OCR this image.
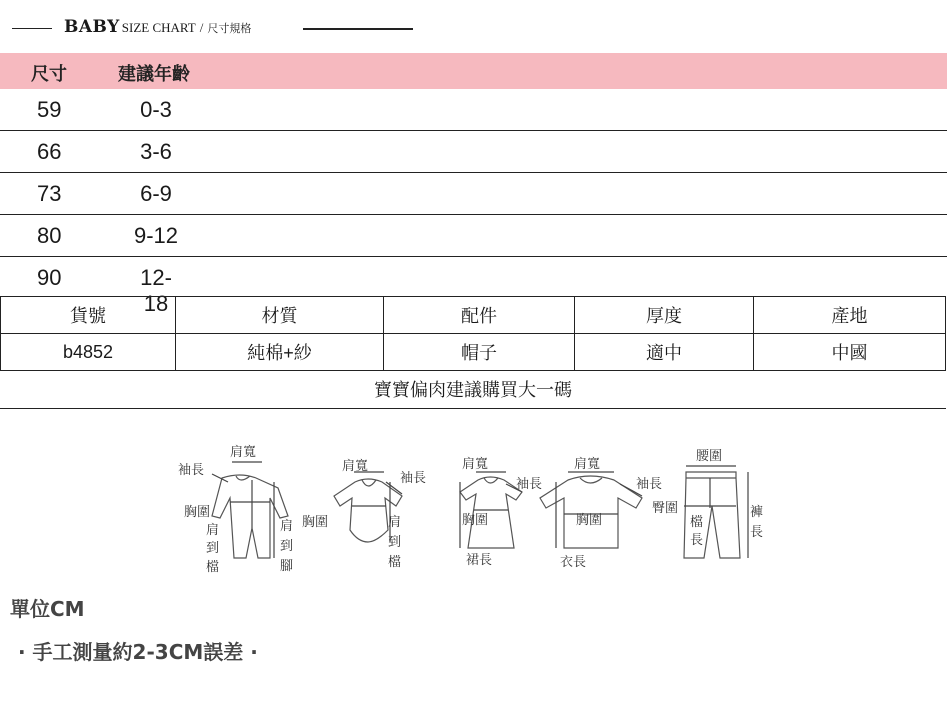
BABY SIZE CHART / 尺寸規格
尺寸	建議年齡
59	0-3
66	3-6
73	6-9
80	9-12
90	12-18
貨號	材質	配件	厚度	產地
b4852	純棉+紗	帽子	適中	中國
寶寶偏肉建議購買大一碼				
肩寬
袖長
胸圍
肩
到
檔
肩
到
腳
肩寬
袖長
胸圍	肩
到
檔
肩寬
袖長
胸圍
裙長
肩寬
袖長
胸圍
衣長
腰圍
臀圍
檔
長
褲
長
單位CM
· 手工測量約2-3CM誤差 ·
